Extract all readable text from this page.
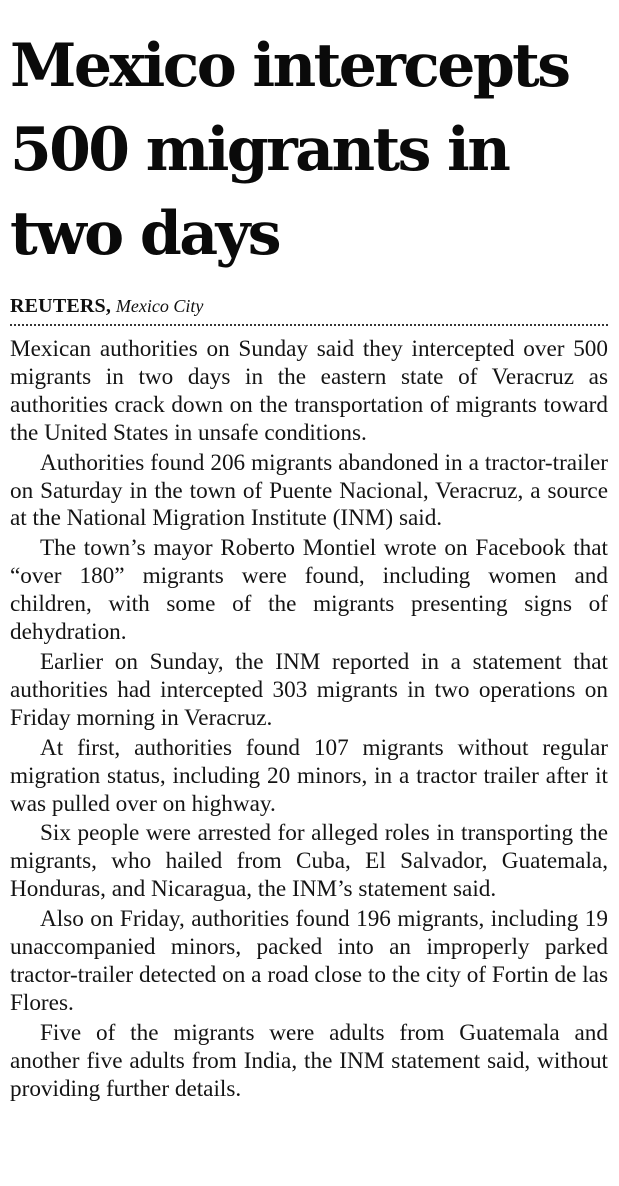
Mexico intercepts 500 migrants in two days
REUTERS, Mexico City

Mexican authorities on Sunday said they intercepted over 500 migrants in two days in the eastern state of Veracruz as authorities crack down on the transportation of migrants toward the United States in unsafe conditions.

Authorities found 206 migrants abandoned in a tractor-trailer on Saturday in the town of Puente Nacional, Veracruz, a source at the National Migration Institute (INM) said.

The town’s mayor Roberto Montiel wrote on Facebook that “over 180” migrants were found, including women and children, with some of the migrants presenting signs of dehydration.

Earlier on Sunday, the INM reported in a statement that authorities had intercepted 303 migrants in two operations on Friday morning in Veracruz.

At first, authorities found 107 migrants without regular migration status, including 20 minors, in a tractor trailer after it was pulled over on highway.

Six people were arrested for alleged roles in transporting the migrants, who hailed from Cuba, El Salvador, Guatemala, Honduras, and Nicaragua, the INM’s statement said.

Also on Friday, authorities found 196 migrants, including 19 unaccompanied minors, packed into an improperly parked tractor-trailer detected on a road close to the city of Fortin de las Flores.

Five of the migrants were adults from Guatemala and another five adults from India, the INM statement said, without providing further details.
